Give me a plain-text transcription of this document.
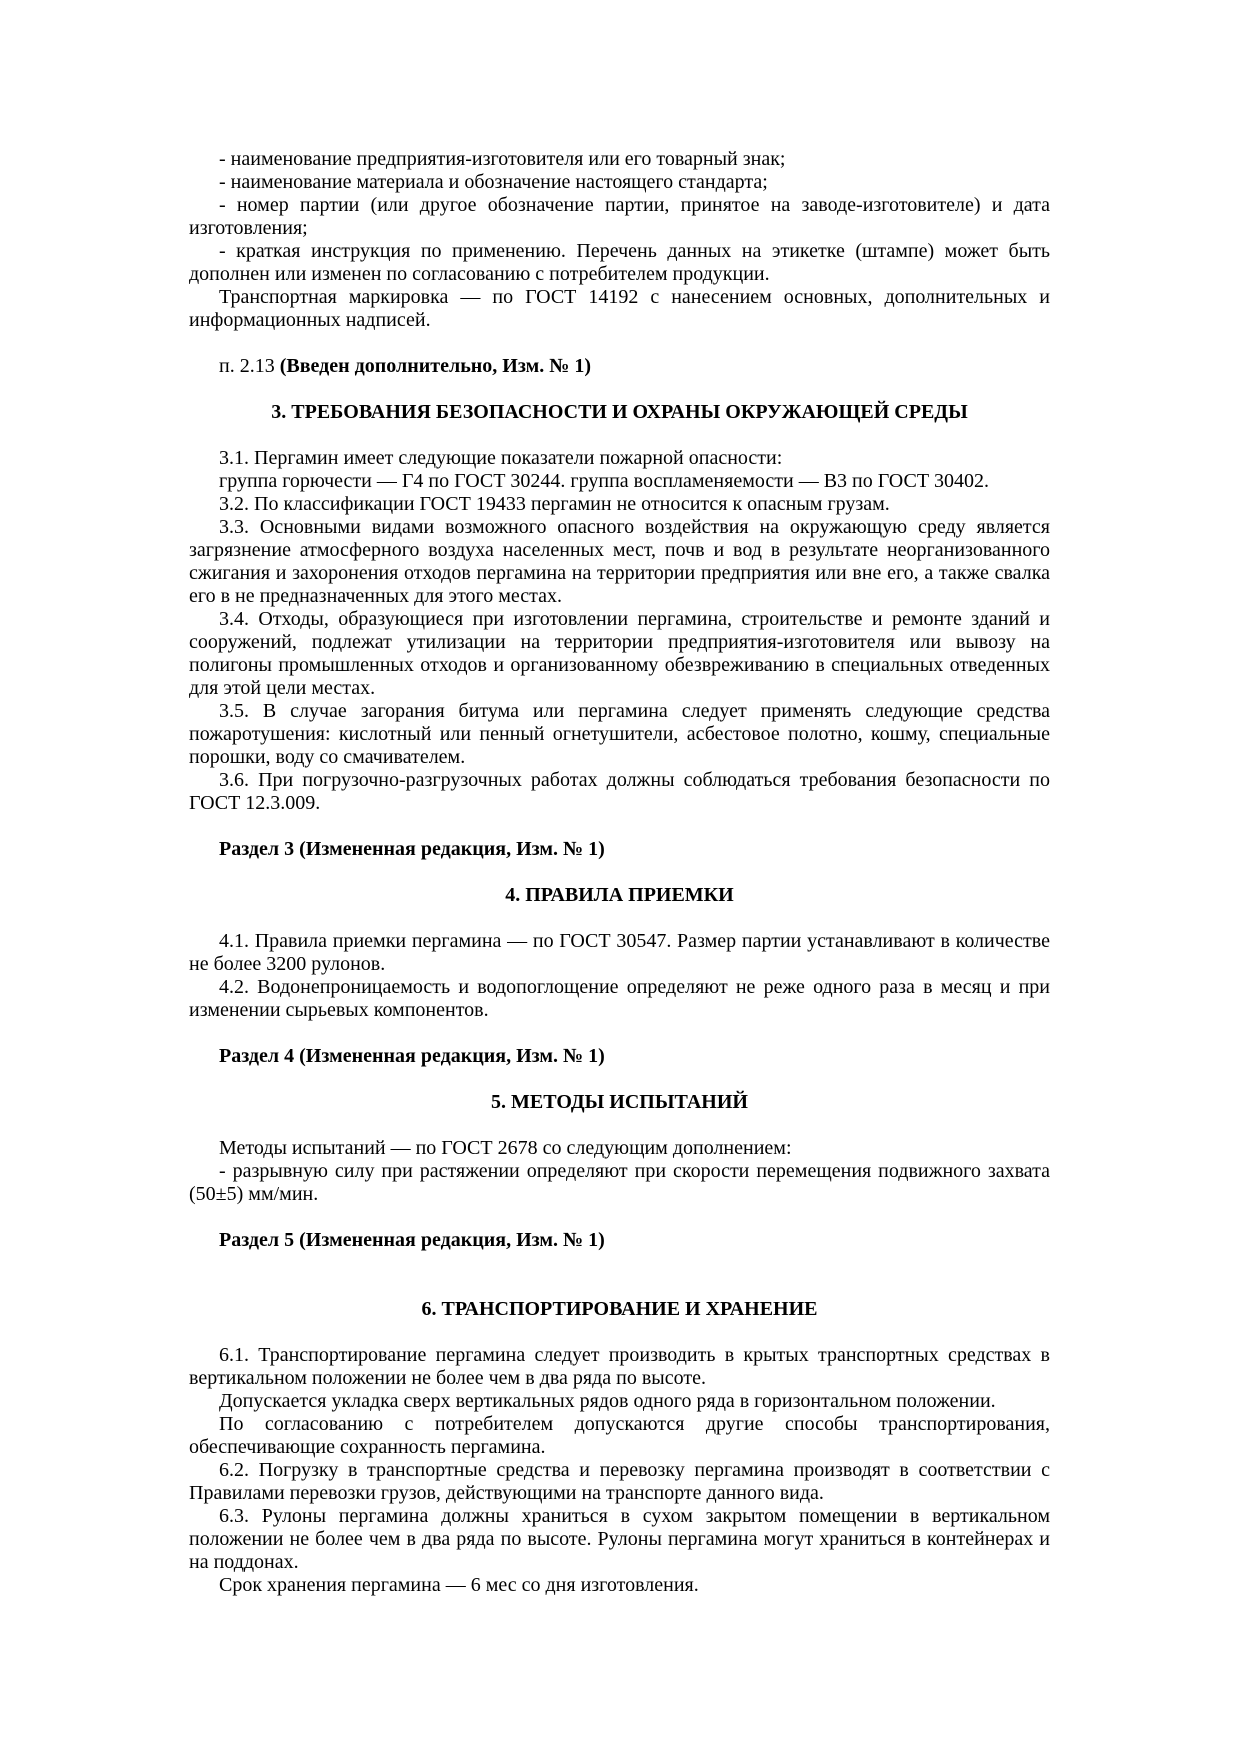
- наименование предприятия-изготовителя или его товарный знак;

- наименование материала и обозначение настоящего стандарта;

- номер партии (или другое обозначение партии, принятое на заводе-изготовителе) и дата изготовления;

- краткая инструкция по применению. Перечень данных на этикетке (штампе) может быть дополнен или изменен по согласованию с потребителем продукции.

Транспортная маркировка — по ГОСТ 14192 с нанесением основных, дополнительных и информационных надписей.

п. 2.13 (Введен дополнительно, Изм. № 1)

3. ТРЕБОВАНИЯ БЕЗОПАСНОСТИ И ОХРАНЫ ОКРУЖАЮЩЕЙ СРЕДЫ

3.1. Пергамин имеет следующие показатели пожарной опасности:

группа горючести — Г4 по ГОСТ 30244. группа воспламеняемости — В3 по ГОСТ 30402.

3.2. По классификации ГОСТ 19433 пергамин не относится к опасным грузам.

3.3. Основными видами возможного опасного воздействия на окружающую среду является загрязнение атмосферного воздуха населенных мест, почв и вод в результате неорганизованного сжигания и захоронения отходов пергамина на территории предприятия или вне его, а также свалка его в не предназначенных для этого местах.

3.4. Отходы, образующиеся при изготовлении пергамина, строительстве и ремонте зданий и сооружений, подлежат утилизации на территории предприятия-изготовителя или вывозу на полигоны промышленных отходов и организованному обезвреживанию в специальных отведенных для этой цели местах.

3.5. В случае загорания битума или пергамина следует применять следующие средства пожаротушения: кислотный или пенный огнетушители, асбестовое полотно, кошму, специальные порошки, воду со смачивателем.

3.6. При погрузочно-разгрузочных работах должны соблюдаться требования безопасности по ГОСТ 12.3.009.

Раздел 3 (Измененная редакция, Изм. № 1)

4. ПРАВИЛА ПРИЕМКИ

4.1. Правила приемки пергамина — по ГОСТ 30547. Размер партии устанавливают в количестве не более 3200 рулонов.

4.2. Водонепроницаемость и водопоглощение определяют не реже одного раза в месяц и при изменении сырьевых компонентов.

Раздел 4 (Измененная редакция, Изм. № 1)

5. МЕТОДЫ ИСПЫТАНИЙ

Методы испытаний — по ГОСТ 2678 со следующим дополнением:

- разрывную силу при растяжении определяют при скорости перемещения подвижного захвата (50±5) мм/мин.

Раздел 5 (Измененная редакция, Изм. № 1)

6. ТРАНСПОРТИРОВАНИЕ И ХРАНЕНИЕ

6.1. Транспортирование пергамина следует производить в крытых транспортных средствах в вертикальном положении не более чем в два ряда по высоте.

Допускается укладка сверх вертикальных рядов одного ряда в горизонтальном положении.

По согласованию с потребителем допускаются другие способы транспортирования, обеспечивающие сохранность пергамина.

6.2. Погрузку в транспортные средства и перевозку пергамина производят в соответствии с Правилами перевозки грузов, действующими на транспорте данного вида.

6.3. Рулоны пергамина должны храниться в сухом закрытом помещении в вертикальном положении не более чем в два ряда по высоте. Рулоны пергамина могут храниться в контейнерах и на поддонах.

Срок хранения пергамина — 6 мес со дня изготовления.
